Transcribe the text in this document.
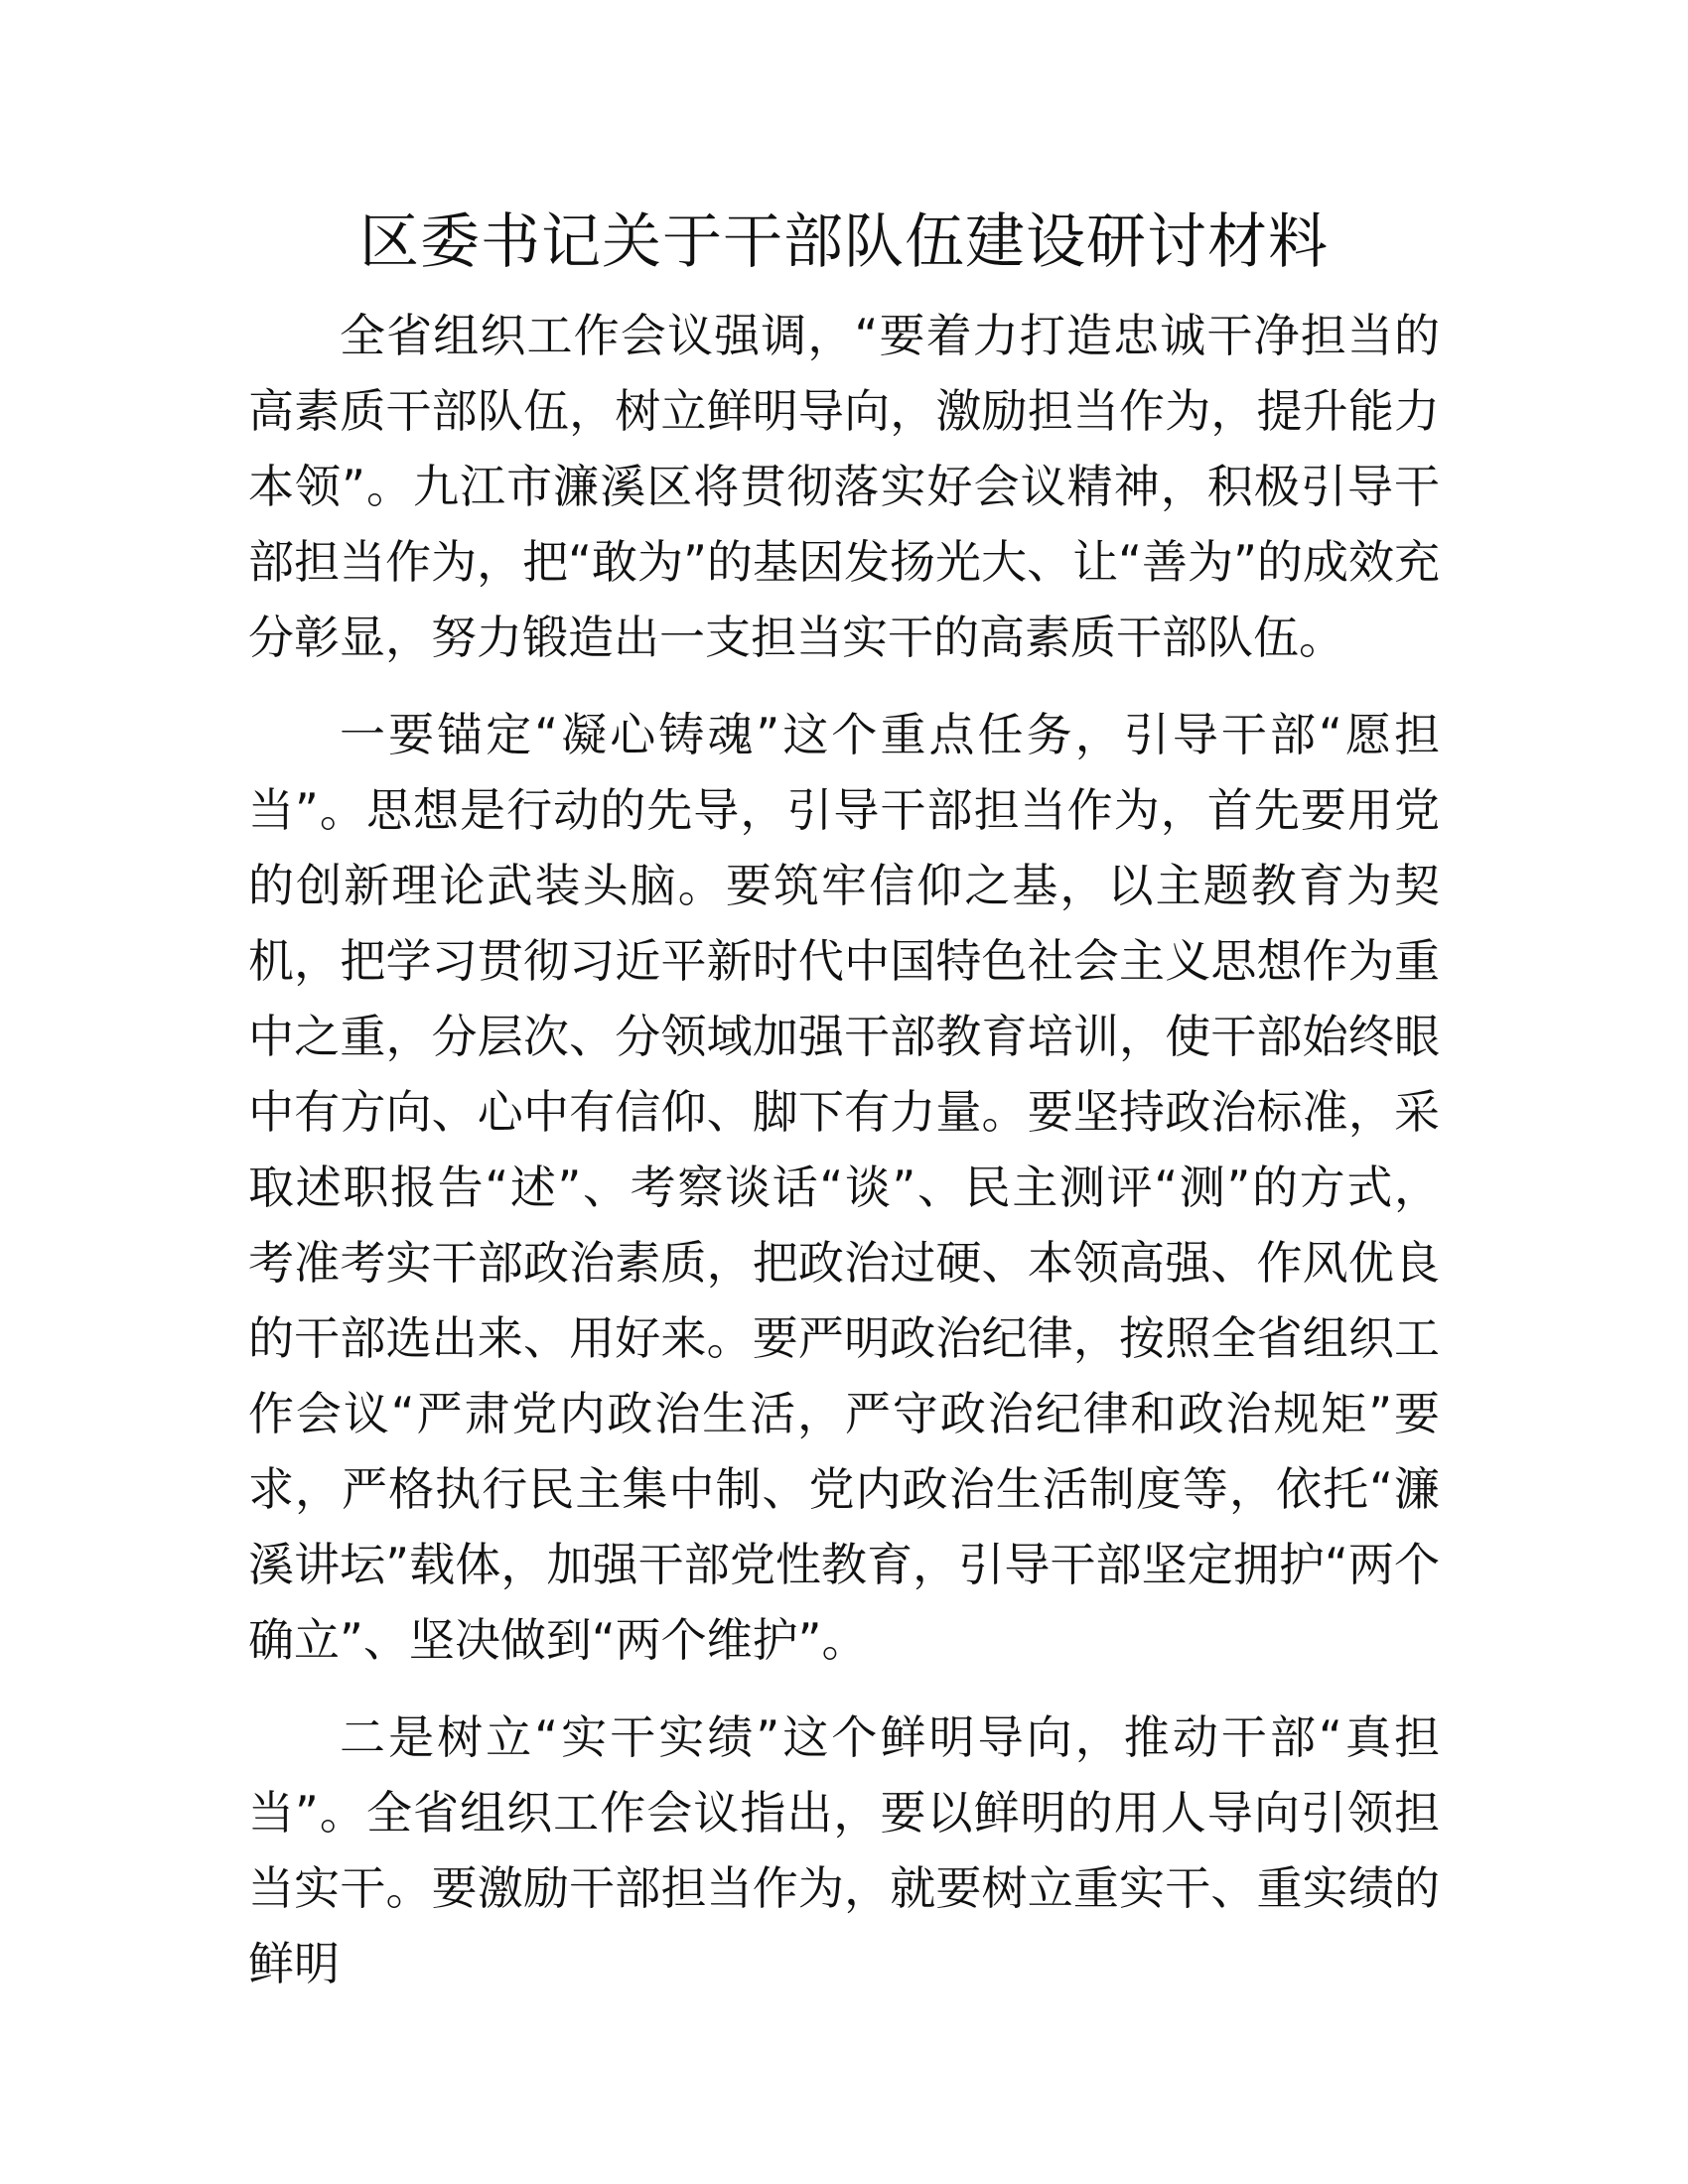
区委书记关于干部队伍建设研讨材料

全省组织工作会议强调，“要着力打造忠诚干净担当的高素质干部队伍，树立鲜明导向，激励担当作为，提升能力本领”。九江市濂溪区将贯彻落实好会议精神，积极引导干部担当作为，把“敢为”的基因发扬光大、让“善为”的成效充分彰显，努力锻造出一支担当实干的高素质干部队伍。

一要锚定“凝心铸魂”这个重点任务，引导干部“愿担当”。思想是行动的先导，引导干部担当作为，首先要用党的创新理论武装头脑。要筑牢信仰之基，以主题教育为契机，把学习贯彻习近平新时代中国特色社会主义思想作为重中之重，分层次、分领域加强干部教育培训，使干部始终眼中有方向、心中有信仰、脚下有力量。要坚持政治标准，采取述职报告“述”、考察谈话“谈”、民主测评“测”的方式，考准考实干部政治素质，把政治过硬、本领高强、作风优良的干部选出来、用好来。要严明政治纪律，按照全省组织工作会议“严肃党内政治生活，严守政治纪律和政治规矩”要求，严格执行民主集中制、党内政治生活制度等，依托“濂溪讲坛”载体，加强干部党性教育，引导干部坚定拥护“两个确立”、坚决做到“两个维护”。

二是树立“实干实绩”这个鲜明导向，推动干部“真担当”。全省组织工作会议指出，要以鲜明的用人导向引领担当实干。要激励干部担当作为，就要树立重实干、重实绩的鲜明
